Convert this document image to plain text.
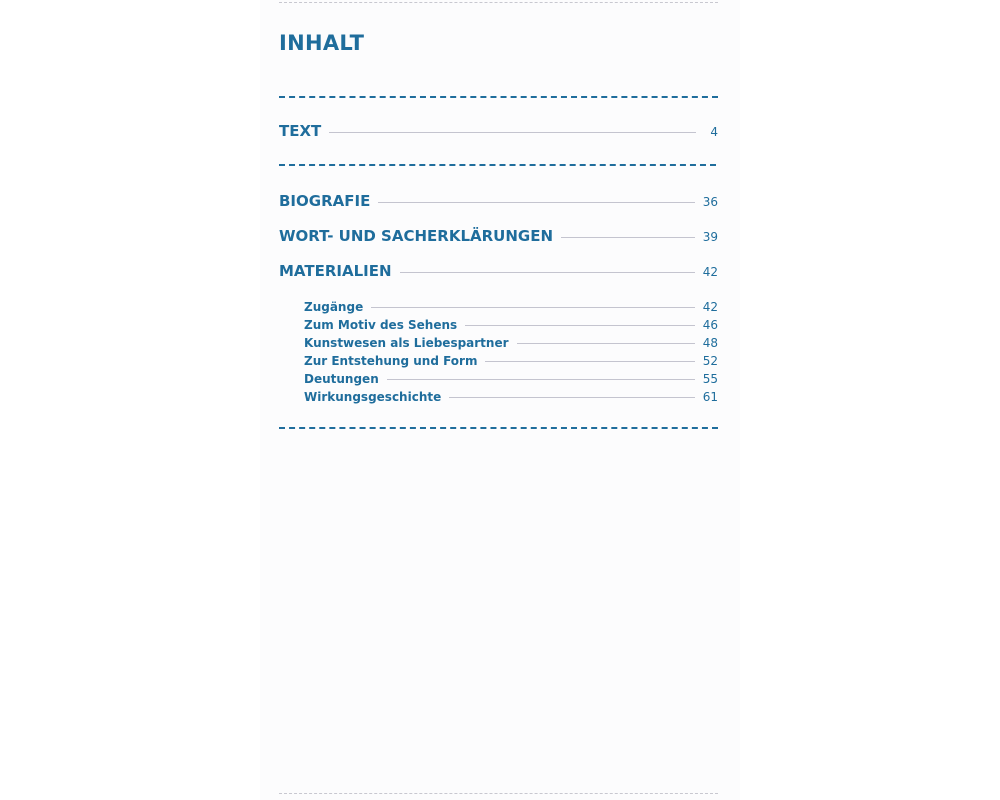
INHALT
TEXT	4
BIOGRAFIE	36
WORT- UND SACHERKLÄRUNGEN	39
MATERIALIEN	42
Zugänge	42
Zum Motiv des Sehens	46
Kunstwesen als Liebespartner	48
Zur Entstehung und Form	52
Deutungen	55
Wirkungsgeschichte	61
